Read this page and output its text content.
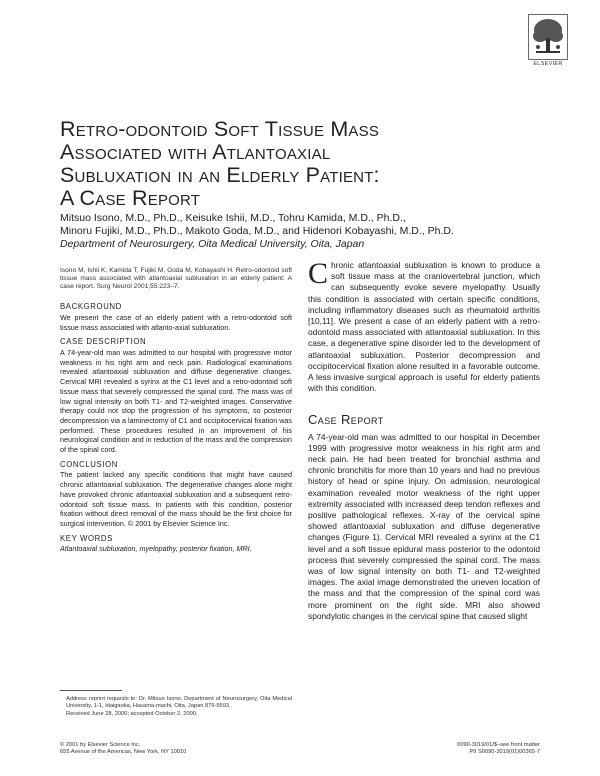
ELSEVIER
Retro-odontoid Soft Tissue Mass
Associated with Atlantoaxial
Subluxation in an Elderly Patient:
A Case Report
Mitsuo Isono, M.D., Ph.D., Keisuke Ishii, M.D., Tohru Kamida, M.D., Ph.D.,
Minoru Fujiki, M.D., Ph.D., Makoto Goda, M.D., and Hidenori Kobayashi, M.D., Ph.D.
Department of Neurosurgery, Oita Medical University, Oita, Japan

Isono M, Ishii K, Kamida T, Fujiki M, Goda M, Kobayashi H. Retro-odontoid soft tissue mass associated with atlantoaxial subluxation in an elderly patient: A case report. Surg Neurol 2001;55:223–7.

BACKGROUND

We present the case of an elderly patient with a retro-odontoid soft tissue mass associated with atlanto-axial subluxation.

CASE DESCRIPTION

A 74-year-old man was admitted to our hospital with progressive motor weakness in his right arm and neck pain. Radiological examinations revealed atlantoaxial subluxation and diffuse degenerative changes. Cervical MRI revealed a syrinx at the C1 level and a retro-odontoid soft tissue mass that severely compressed the spinal cord. The mass was of low signal intensity on both T1- and T2-weighted images. Conservative therapy could not stop the progression of his symptoms, so posterior decompression via a laminectomy of C1 and occipitocervical fixation was performed. These procedures resulted in an improvement of his neurological condition and in reduction of the mass and the compression of the spinal cord.

CONCLUSION

The patient lacked any specific conditions that might have caused chronic atlantoaxial subluxation. The degenerative changes alone might have provoked chronic atlantoaxial subluxation and a subsequent retro-odontoid soft tissue mass. In patients with this condition, posterior fixation without direct removal of the mass should be the first choice for surgical intervention. © 2001 by Elsevier Science Inc.

KEY WORDS

Atlantoaxial subluxation, myelopathy, posterior fixation, MRI.

Chronic atlantoaxial subluxation is known to produce a soft tissue mass at the craniovertebral junction, which can subsequently evoke severe myelopathy. Usually this condition is associated with certain specific conditions, including inflammatory diseases such as rheumatoid arthritis [10,11]. We present a case of an elderly patient with a retro-odontoid mass associated with atlantoaxial subluxation. In this case, a degenerative spine disorder led to the development of atlantoaxial subluxation. Posterior decompression and occipitocervical fixation alone resulted in a favorable outcome. A less invasive surgical approach is useful for elderly patients with this condition.

Case Report

A 74-year-old man was admitted to our hospital in December 1999 with progressive motor weakness in his right arm and neck pain. He had been treated for bronchial asthma and chronic bronchitis for more than 10 years and had no previous history of head or spine injury. On admission, neurological examination revealed motor weakness of the right upper extremity associated with increased deep tendon reflexes and positive pathological reflexes. X-ray of the cervical spine showed atlantoaxial subluxation and diffuse degenerative changes (Figure 1). Cervical MRI revealed a syrinx at the C1 level and a soft tissue epidural mass posterior to the odontoid process that severely compressed the spinal cord. The mass was of low signal intensity on both T1- and T2-weighted images. The axial image demonstrated the uneven location of the mass and that the compression of the spinal cord was more prominent on the right side. MRI also showed spondylotic changes in the cervical spine that caused slight

Address reprint requests to: Dr. Mitsuo Isono, Department of Neurosurgery, Oita Medical University, 1-1, Idaigaoka, Hasama-machi, Oita, Japan 879-5593.

Received June 28, 2000; accepted October 2, 2000.

© 2001 by Elsevier Science Inc.
655 Avenue of the Americas, New York, NY 10010
0090-3019/01/$–see front matter
PII S0090-3019(01)00365-7
